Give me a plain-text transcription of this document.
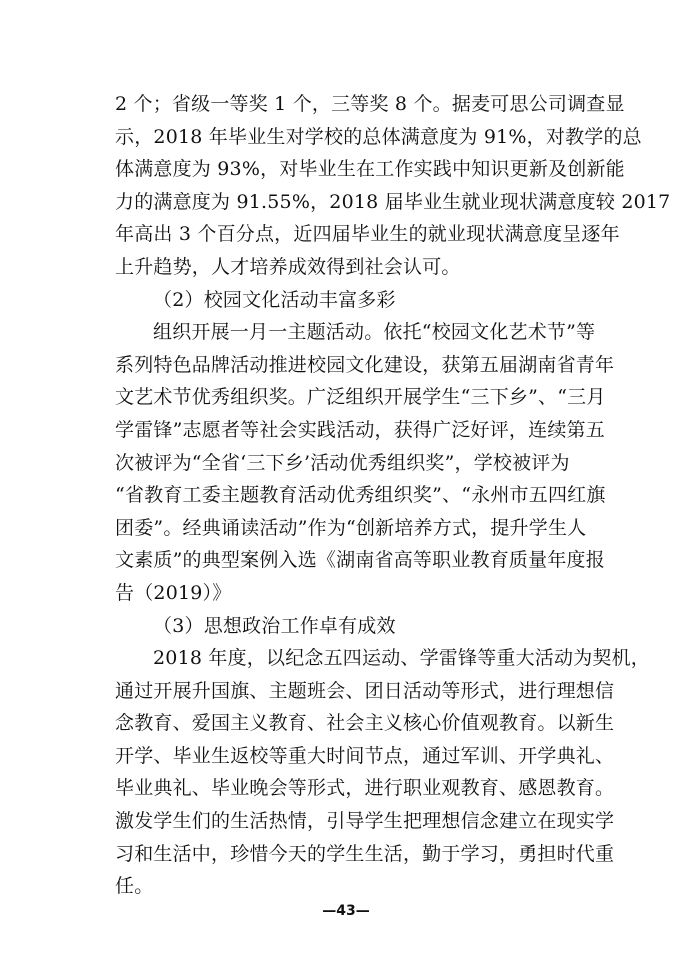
2 个；省级一等奖 1 个，三等奖 8 个。据麦可思公司调查显
示，2018 年毕业生对学校的总体满意度为 91%，对教学的总
体满意度为 93%，对毕业生在工作实践中知识更新及创新能
力的满意度为 91.55%，2018 届毕业生就业现状满意度较 2017
年高出 3 个百分点，近四届毕业生的就业现状满意度呈逐年
上升趋势，人才培养成效得到社会认可。
（2）校园文化活动丰富多彩
组织开展一月一主题活动。依托“校园文化艺术节”等
系列特色品牌活动推进校园文化建设，获第五届湖南省青年
文艺术节优秀组织奖。广泛组织开展学生“三下乡”、“三月
学雷锋”志愿者等社会实践活动，获得广泛好评，连续第五
次被评为“全省‘三下乡’活动优秀组织奖”，学校被评为
“省教育工委主题教育活动优秀组织奖”、“永州市五四红旗
团委”。经典诵读活动”作为“创新培养方式，提升学生人
文素质”的典型案例入选《湖南省高等职业教育质量年度报
告（2019）》
（3）思想政治工作卓有成效
2018 年度，以纪念五四运动、学雷锋等重大活动为契机，
通过开展升国旗、主题班会、团日活动等形式，进行理想信
念教育、爱国主义教育、社会主义核心价值观教育。以新生
开学、毕业生返校等重大时间节点，通过军训、开学典礼、
毕业典礼、毕业晚会等形式，进行职业观教育、感恩教育。
激发学生们的生活热情，引导学生把理想信念建立在现实学
习和生活中，珍惜今天的学生生活，勤于学习，勇担时代重
任。
—43—
